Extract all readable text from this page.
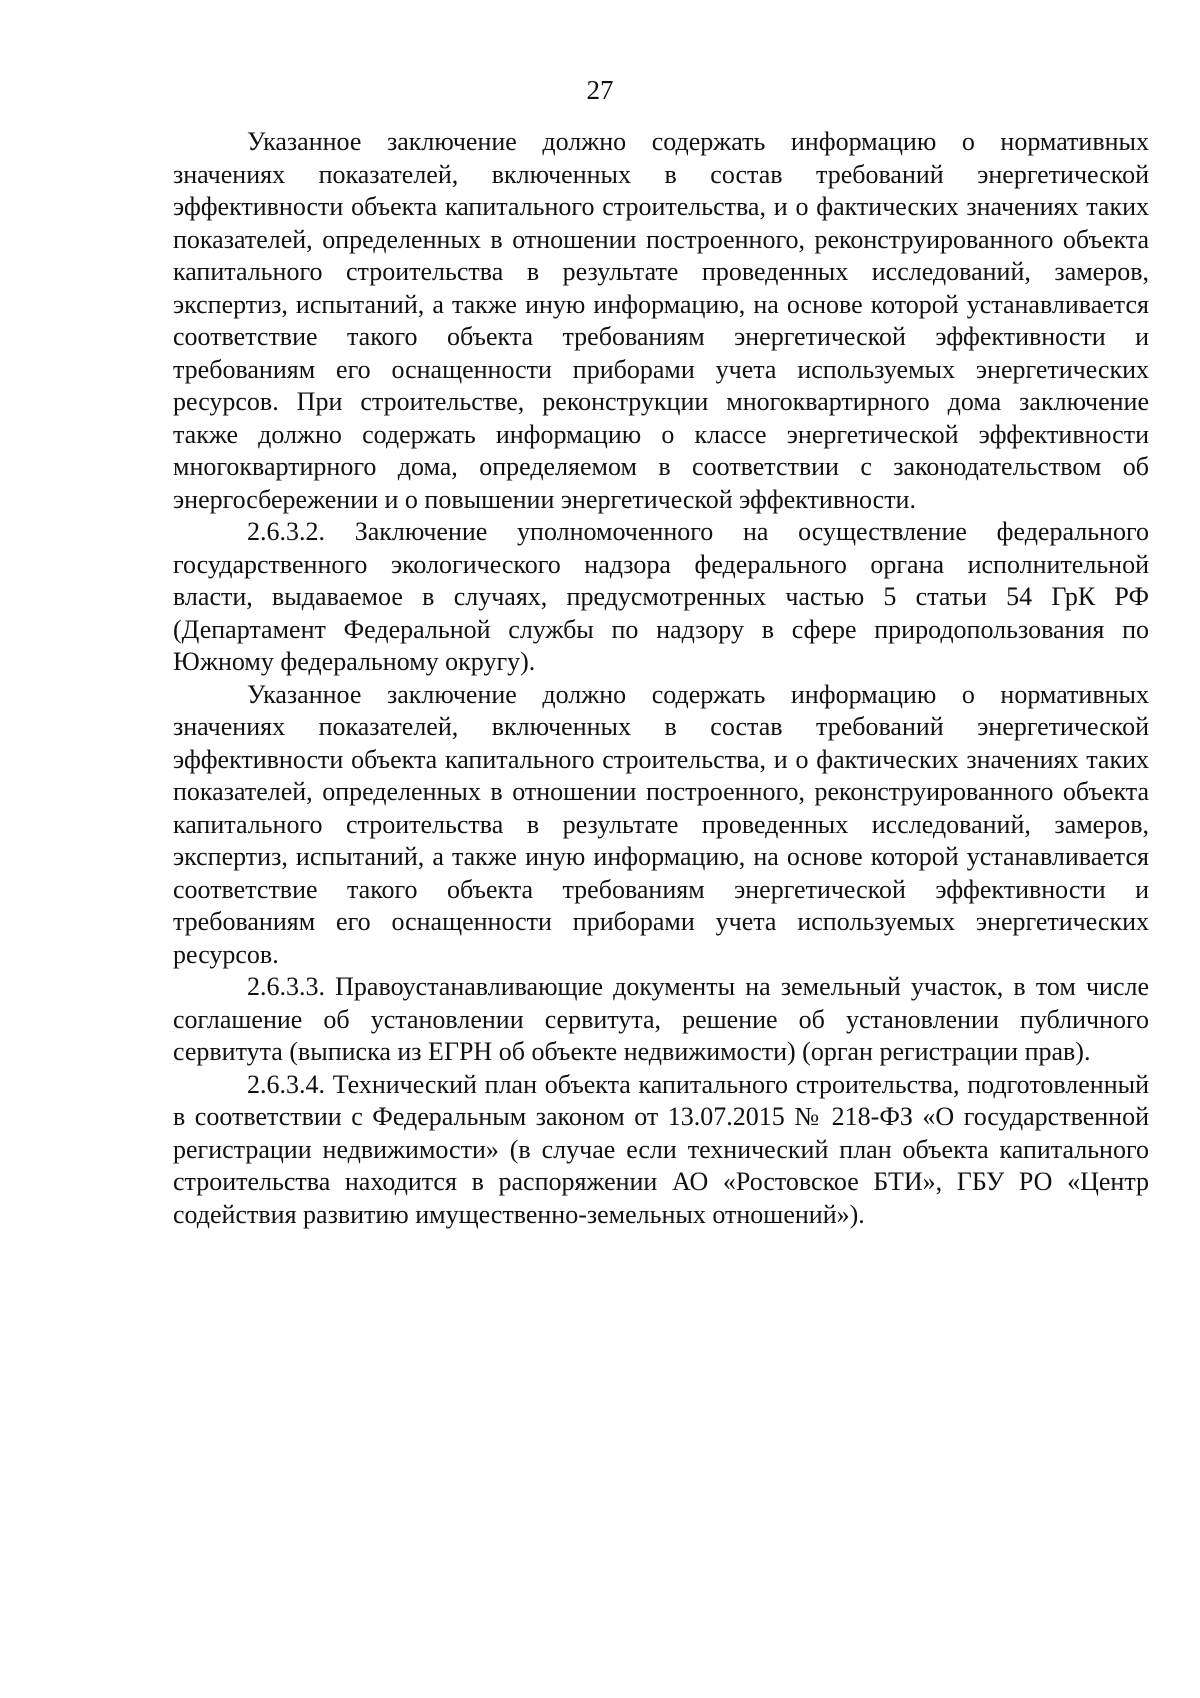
27

Указанное заключение должно содержать информацию о нормативных значениях показателей, включенных в состав требований энергетической эффективности объекта капитального строительства, и о фактических значениях таких показателей, определенных в отношении построенного, реконструированного объекта капитального строительства в результате проведенных исследований, замеров, экспертиз, испытаний, а также иную информацию, на основе которой устанавливается соответствие такого объекта требованиям энергетической эффективности и требованиям его оснащенности приборами учета используемых энергетических ресурсов. При строительстве, реконструкции многоквартирного дома заключение также должно содержать информацию о классе энергетической эффективности многоквартирного дома, определяемом в соответствии с законодательством об энергосбережении и о повышении энергетической эффективности.

2.6.3.2. Заключение уполномоченного на осуществление федерального государственного экологического надзора федерального органа исполнительной власти, выдаваемое в случаях, предусмотренных частью 5 статьи 54 ГрК РФ (Департамент Федеральной службы по надзору в сфере природопользования по Южному федеральному округу).

Указанное заключение должно содержать информацию о нормативных значениях показателей, включенных в состав требований энергетической эффективности объекта капитального строительства, и о фактических значениях таких показателей, определенных в отношении построенного, реконструированного объекта капитального строительства в результате проведенных исследований, замеров, экспертиз, испытаний, а также иную информацию, на основе которой устанавливается соответствие такого объекта требованиям энергетической эффективности и требованиям его оснащенности приборами учета используемых энергетических ресурсов.

2.6.3.3. Правоустанавливающие документы на земельный участок, в том числе соглашение об установлении сервитута, решение об установлении публичного сервитута (выписка из ЕГРН об объекте недвижимости) (орган регистрации прав).

2.6.3.4. Технический план объекта капитального строительства, подготовленный в соответствии с Федеральным законом от 13.07.2015 № 218-ФЗ «О государственной регистрации недвижимости» (в случае если технический план объекта капитального строительства находится в распоряжении АО «Ростовское БТИ», ГБУ РО «Центр содействия развитию имущественно-земельных отношений»).
